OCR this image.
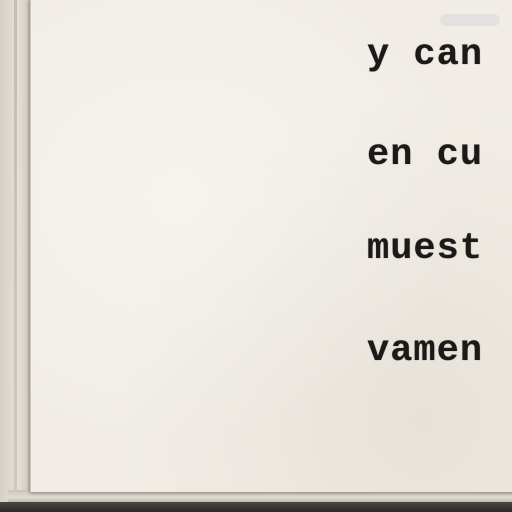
y can

en cu

muest

vamen
